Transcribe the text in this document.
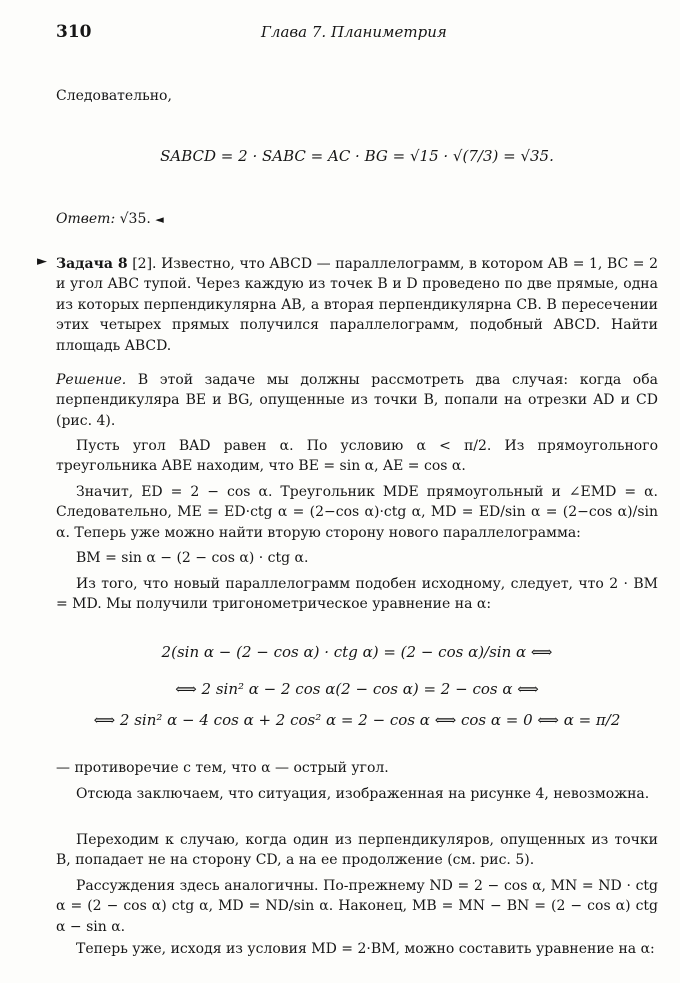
310	Глава 7. Планиметрия

Следовательно,

SABCD = 2 · SABC = AC · BG = √15 · √(7/3) = √35.

Ответ: √35. ◄

► Задача 8 [2]. Известно, что ABCD — параллелограмм, в котором AB = 1, BC = 2 и угол ABC тупой. Через каждую из точек B и D проведено по две прямые, одна из которых перпендикулярна AB, а вторая перпендикулярна CB. В пересечении этих четырех прямых получился параллелограмм, подобный ABCD. Найти площадь ABCD.

Решение. В этой задаче мы должны рассмотреть два случая: когда оба перпендикуляра BE и BG, опущенные из точки B, попали на отрезки AD и CD (рис. 4).

Пусть угол BAD равен α. По условию α < π/2. Из прямоугольного треугольника ABE находим, что BE = sin α, AE = cos α.

Значит, ED = 2 − cos α. Треугольник MDE прямоугольный и ∠EMD = α. Следовательно, ME = ED·ctg α = (2−cos α)·ctg α, MD = ED/sin α = (2−cos α)/sin α. Теперь уже можно найти вторую сторону нового параллелограмма:

BM = sin α − (2 − cos α) · ctg α.

Из того, что новый параллелограмм подобен исходному, следует, что 2 · BM = MD. Мы получили тригонометрическое уравнение на α:

2(sin α − (2 − cos α) · ctg α) = (2 − cos α)/sin α ⟺

⟺ 2 sin² α − 2 cos α(2 − cos α) = 2 − cos α ⟺

⟺ 2 sin² α − 4 cos α + 2 cos² α = 2 − cos α ⟺ cos α = 0 ⟺ α = π/2

— противоречие с тем, что α — острый угол.

Отсюда заключаем, что ситуация, изображенная на рисунке 4, невозможна.

Переходим к случаю, когда один из перпендикуляров, опущенных из точки B, попадает не на сторону CD, а на ее продолжение (см. рис. 5).

Рассуждения здесь аналогичны. По-прежнему ND = 2 − cos α, MN = ND · ctg α = (2 − cos α) ctg α, MD = ND/sin α. Наконец, MB = MN − BN = (2 − cos α) ctg α − sin α.

Теперь уже, исходя из условия MD = 2·BM, можно составить уравнение на α:
